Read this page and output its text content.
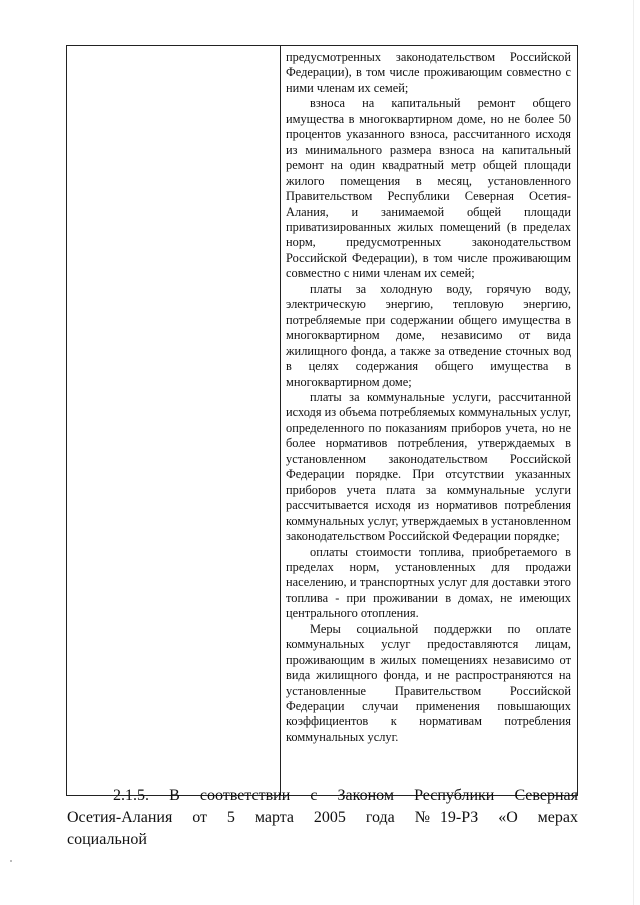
предусмотренных законодательством Российской Федерации), в том числе проживающим совместно с ними членам их семей;

взноса на капитальный ремонт общего имущества в многоквартирном доме, но не более 50 процентов указанного взноса, рассчитанного исходя из минимального размера взноса на капитальный ремонт на один квадратный метр общей площади жилого помещения в месяц, установленного Правительством Республики Северная Осетия-Алания, и занимаемой общей площади приватизированных жилых помещений (в пределах норм, предусмотренных законодательством Российской Федерации), в том числе проживающим совместно с ними членам их семей;

платы за холодную воду, горячую воду, электрическую энергию, тепловую энергию, потребляемые при содержании общего имущества в многоквартирном доме, независимо от вида жилищного фонда, а также за отведение сточных вод в целях содержания общего имущества в многоквартирном доме;

платы за коммунальные услуги, рассчитанной исходя из объема потребляемых коммунальных услуг, определенного по показаниям приборов учета, но не более нормативов потребления, утверждаемых в установленном законодательством Российской Федерации порядке. При отсутствии указанных приборов учета плата за коммунальные услуги рассчитывается исходя из нормативов потребления коммунальных услуг, утверждаемых в установленном законодательством Российской Федерации порядке;

оплаты стоимости топлива, приобретаемого в пределах норм, установленных для продажи населению, и транспортных услуг для доставки этого топлива - при проживании в домах, не имеющих центрального отопления.

Меры социальной поддержки по оплате коммунальных услуг предоставляются лицам, проживающим в жилых помещениях независимо от вида жилищного фонда, и не распространяются на установленные Правительством Российской Федерации случаи применения повышающих коэффициентов к нормативам потребления коммунальных услуг.

2.1.5. В соответствии с Законом Республики Северная Осетия-Алания от 5 марта 2005 года №19-РЗ «О мерах социальной
